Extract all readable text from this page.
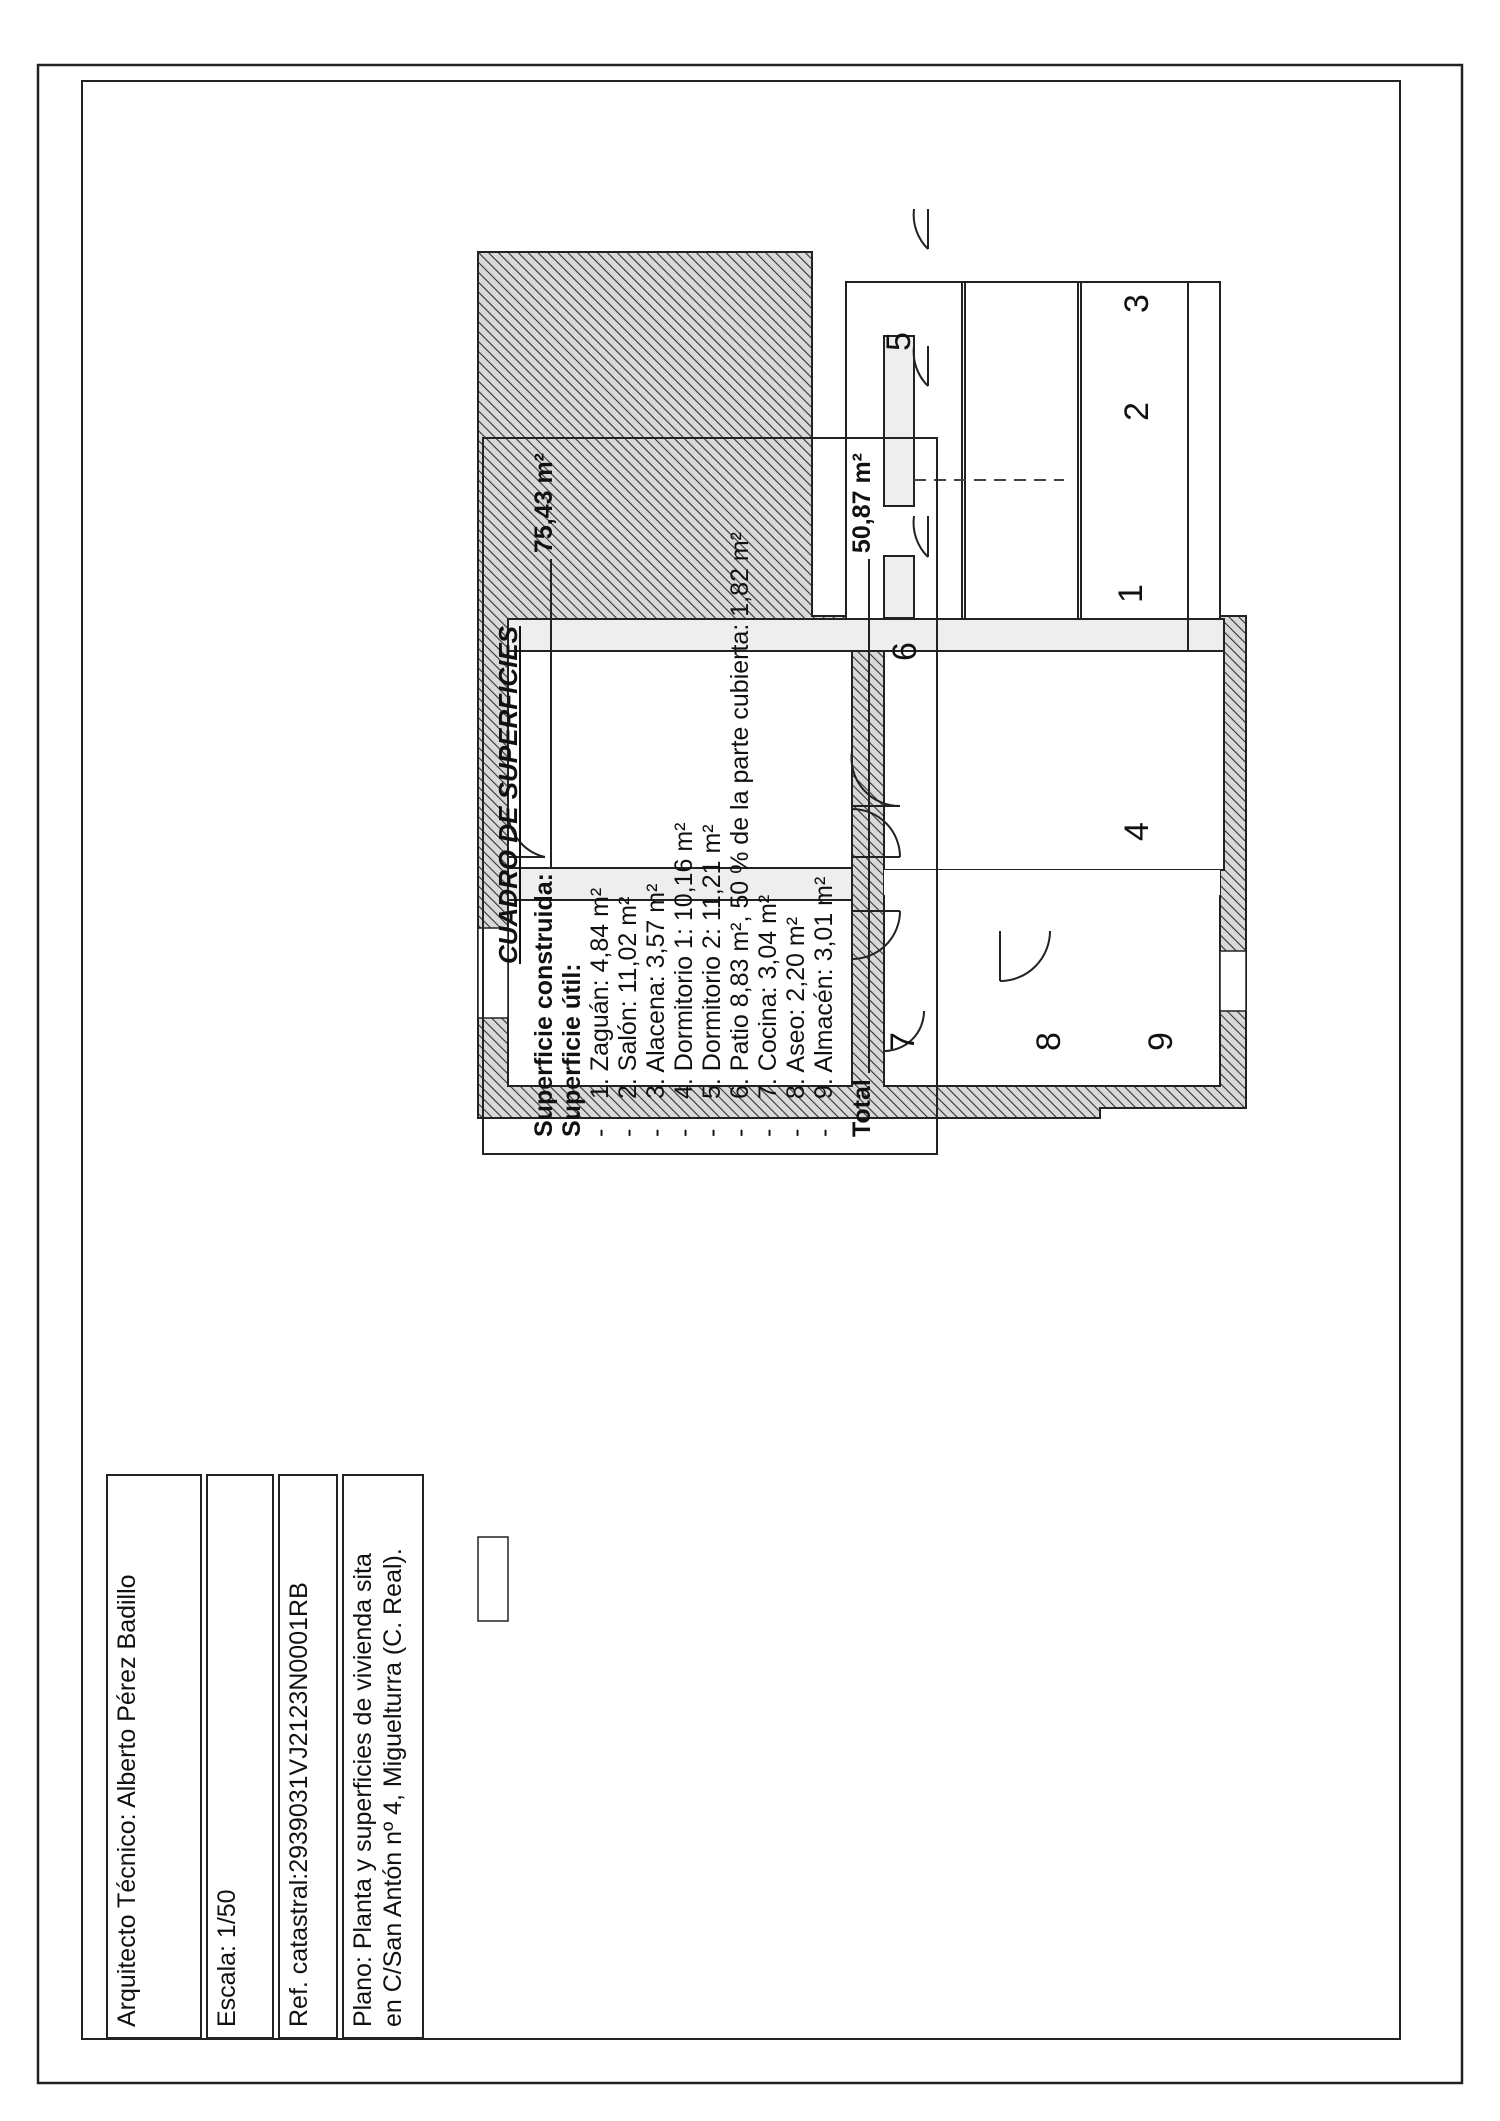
1
2
3
4
5
6
7	8 9
CUADRO DE SUPERFICIES
Superficie construida:
75,43 m²
Superficie útil: -
1. Zaguán: 4,84 m²
-
2. Salón: 11,02 m²
-
3. Alacena: 3,57 m²
-
4. Dormitorio 1: 10,16 m²
-
5. Dormitorio 2: 11,21 m²
-
6. Patio 8,83 m², 50 % de la parte cubierta: 1,82 m²
-
7. Cocina: 3,04 m²
-
8. Aseo: 2,20 m²
-
9. Almacén: 3,01 m²
Total
50,87 m²
Plano: Planta y superficies de vivienda sita en C/San Antón nº 4, Miguelturra (C. Real).
Ref. catastral:2939031VJ2123N0001RB
Escala: 1/50
Arquitecto Técnico: Alberto Pérez Badillo
